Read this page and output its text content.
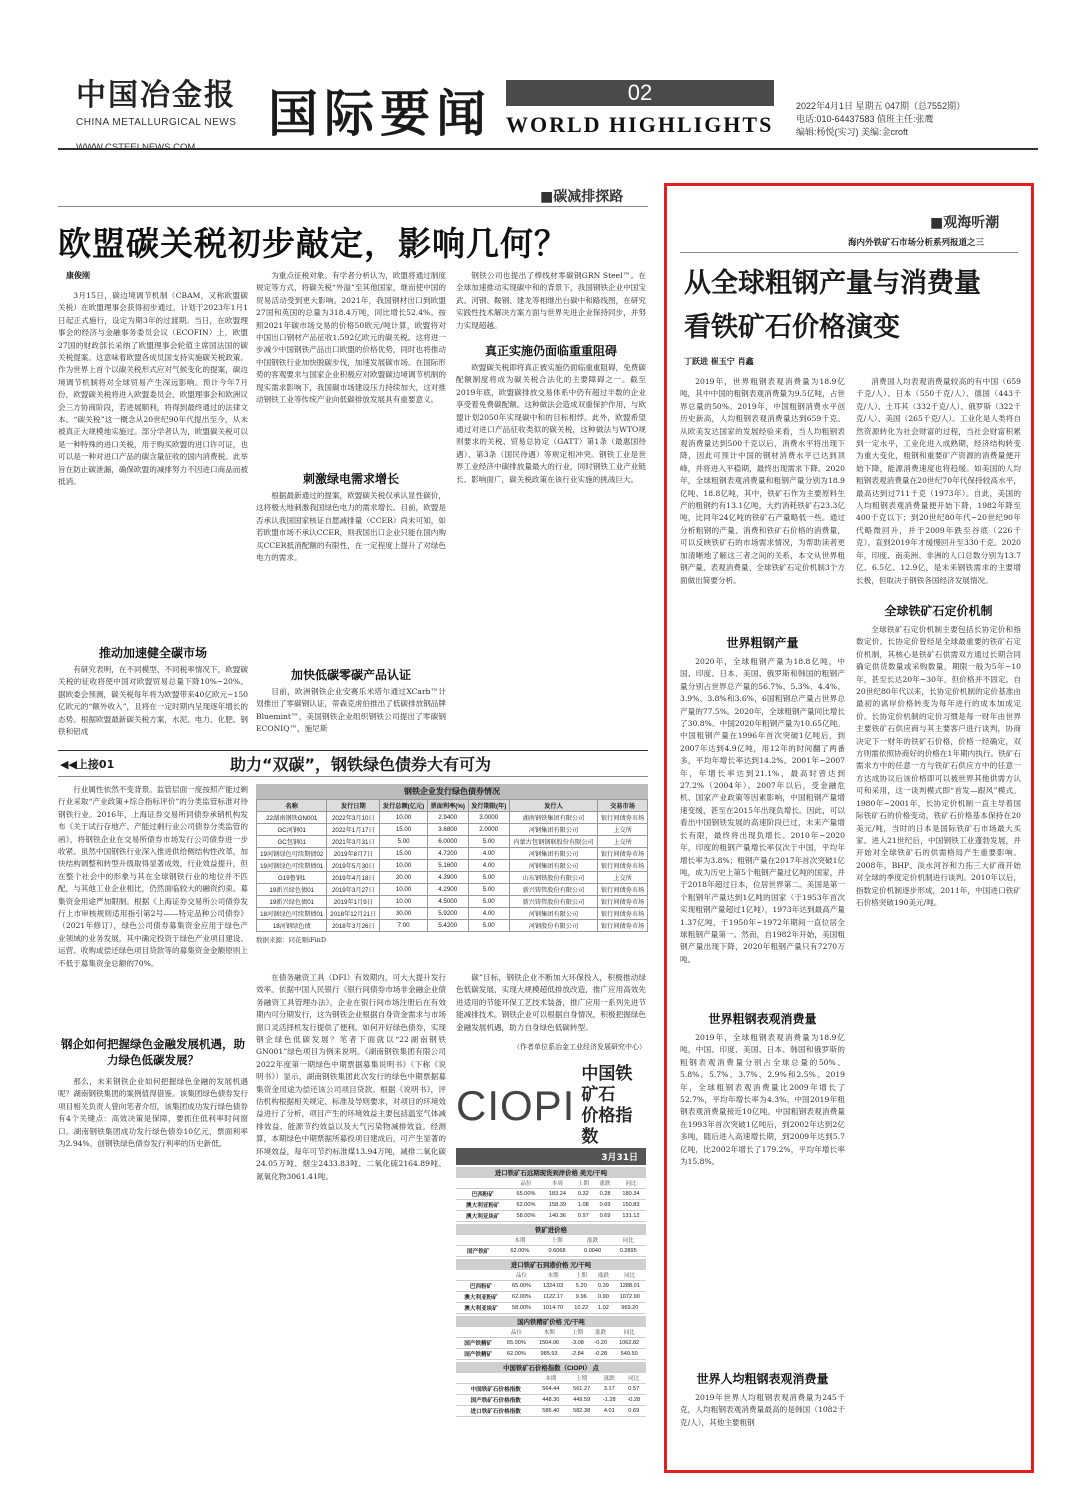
中国冶金报
CHINA METALLURGICAL NEWS 国际要闻	02
WORLD HIGHLIGHTS
2022年4月1日 星期五 047期（总7552期）
电话:010-64437583 值班主任:张鹰
编辑:杨悦(实习) 美编:金croft
■碳减排探路
欧盟碳关税初步敲定，影响几何？
康俊刚

3月15日，碳边境调节机制（CBAM，又称欧盟碳关税）在欧盟理事会获得初步通过，计划于2023年1月1日起正式施行，设定为期3年的过渡期。当日，在欧盟理事会的经济与金融事务委员会议（ECOFIN）上，欧盟27国的财政部长采纳了欧盟理事会轮值主席国法国的碳关税提案。这意味着欧盟各成员国支持实施碳关税政策。作为世界上首个以碳关税形式应对气候变化的提案，碳边境调节机制将对全球贸易产生深远影响。预计今年7月份，欧盟碳关税将进入欧盟委员会、欧盟理事会和欧洲议会三方协商阶段，若进展顺利，将得到最终通过的法律文本。“碳关税”这一概念从20世纪90年代提出至今，从未被真正大规模地实施过。部分学者认为，欧盟碳关税可以是一种特殊的进口关税，用于购买欧盟的进口许可证，也可以是一种对进口产品的碳含量征收的国内消费税。此举旨在防止碳泄漏，确保欧盟的减排努力不因进口商品而被抵消。

推动加速健全碳市场

有研究表明，在不同模型、不同税率情况下，欧盟碳关税的征收将使中国对欧盟贸易总量下降10%~20%。据欧委会预测，碳关税每年将为欧盟带来40亿欧元~150亿欧元的“额外收入”，且将在一定时期内呈现逐年增长的态势。根据欧盟最新碳关税方案，水泥、电力、化肥、钢铁和铝成

为重点征税对象。有学者分析认为，欧盟将通过制度规定等方式，将碳关税“外溢”至其他国家，继而使中国的贸易活动受到更大影响。2021年，我国钢材出口到欧盟27国和英国的总量为318.4万吨，同比增长52.4%。按照2021年碳市场交易的价格50欧元/吨计算，欧盟将对中国出口钢材产品征收1.592亿欧元的碳关税。这将进一步减少中国钢铁产品出口欧盟的价格优势，同时也将推动中国钢铁行业加快脱碳步伐，加速发展碳市场。在国际形势的客观要求与国家企业积极应对欧盟碳边境调节机制的现实需求影响下，我国碳市场建设压力持续加大，这对推动钢铁工业等传统产业向低碳排放发展具有重要意义。

刺激绿电需求增长

根据最新通过的提案，欧盟碳关税仅承认显性碳价，这将极大地刺激我国绿色电力的需求增长。目前，欧盟是否承认我国国家核证自愿减排量（CCER）尚未可知，如若欧盟市场不承认CCER，则我国出口企业只能在国内购买CCER抵消配额的有限性，在一定程度上提升了对绿色电力的需求。

加快低碳零碳产品认证

目前，欧洲钢铁企业安赛乐米塔尔通过XCarb™计划推出了零碳钢认证，蒂森克虏伯推出了低碳排放钢品牌Bluemint™，美国钢铁企业组织钢铁公司提出了零碳钢ECONIQ™，施尼斯

钢铁公司也提出了棒线材零碳钢GRN Steel™。在全球加速推动实现碳中和的背景下，我国钢铁企业中国宝武、河钢、鞍钢、建龙等相继出台碳中和路线图，在研究实践性技术解决方案方面与世界先进企业保持同步，并努力实现超越。

真正实施仍面临重重阻碍

欧盟碳关税即将真正被实施仍面临重重阻碍，免费碳配额制度将成为碳关税合法化的主要障碍之一。截至2019年底，欧盟碳排放交易体系中仍有超过半数的企业享受着免费碳配额。这种做法会造成双重保护作用，与欧盟计划2050年实现碳中和的目标相悖。此外，欧盟希望通过对进口产品征收类似的碳关税，这种做法与WTO规则要求的关税、贸易总协定（GATT）第1条（最惠国待遇）、第3条（国民待遇）等规定相冲突。钢铁工业是世界工业经济中碳排放量最大的行业，同时钢铁工业产业链长、影响面广，碳关税政策在该行业实施的挑战巨大。

◀◀上接01	助力“双碳”，钢铁绿色债券大有可为

行业属性依然不变背景。监管层面一度按照产能过剩行业采取“产业政策+综合指标评价”的分类监管标准对待钢铁行业。2016年，上海证券交易所同债券承销机构发布《关于试行存地产、产能过剩行业公司债券分类监管的函》，将钢铁企业在交易所债券市场发行公司债券进一步收紧。虽然中国钢铁行业深入推进供给侧结构性改革，加快结构调整和转型升级取得显著成效，行业效益提升，但在整个社会中的形象与其在全球钢铁行业的地位并不匹配，与其他工业企业相比，仍然面临较大的融资约束。募集资金用途严加限制。根据《上海证券交易所公司债券发行上市审核规则适用指引第2号——特定品种公司债券》（2021年修订），绿色公司债券募集资金应用于绿色产业领域的业务发展，其中确定投资于绿色产业项目建设、运营、收购或偿还绿色项目贷款等的募集资金金额原则上不低于募集资金总额的70%。

钢企如何把握绿色金融发展机遇，助力绿色低碳发展？

那么，未来钢铁企业如何把握绿色金融的发展机遇呢？湖南钢铁集团的案例值得借鉴。该集团绿色债券发行项目相关负责人曾向笔者介绍，该集团成功发行绿色债券有4个关键点：高效决策是保障，要抓住低利率时间窗口。湖南钢铁集团成功发行绿色债券10亿元，票面利率为2.94%，创钢铁绿色债券发行利率的历史新低。

钢铁企业发行绿色债券情况
名称	发行日期	发行总额(亿元)	票面利率(%)	发行期限(年)	发行人	交易市场
22湖南钢铁GN001	2022年3月10日	10.00	2.9400	3.0000	湖南钢铁集团有限公司	银行间债券市场
GC河钢01	2022年1月17日	15.00	3.6800	2.0000	河钢集团有限公司	上交所
GC包钢01	2021年3月31日	5.00	6.0000	5.00	内蒙古包钢钢联股份有限公司	上交所
19河钢绿色可续期债02	2019年8月7日	15.00	4.7200	4.00	河钢集团有限公司	银行间债券市场
19河钢绿色可续期债01	2019年5月30日	10.00	5.1600	4.00	河钢集团有限公司	银行间债券市场
G19鲁钢1	2019年4月18日	20.00	4.3900	5.00	山东钢铁股份有限公司	上交所
19新兴绿色债01	2019年3月27日	10.00	4.2900	5.00	新兴铸管股份有限公司	银行间债券市场
19新兴绿色债01	2019年1月9日	10.00	4.5000	5.00	新兴铸管股份有限公司	银行间债券市场
18河钢绿色可续期债01	2018年12月21日	30.00	5.9200	4.00	河钢集团有限公司	银行间债券市场
18河钢绿色债	2018年3月26日	7.00	5.4200	5.00	河钢股份有限公司	银行间债券市场
数据来源：同花顺iFinD

在债务融资工具（DFI）有效期内，可大大提升发行效率。依据中国人民银行《银行间债券市场非金融企业债务融资工具管理办法》，企业在银行间市场注册后在有效期内可分期发行，这为钢铁企业根据自身资金需求与市场窗口灵活择机发行提供了便利。如何开好绿色债券，实现钢企绿色低碳发展？笔者下面就以“22湖南钢铁GN001”绿色项目为例来说明。《湖南钢铁集团有限公司2022年度第一期绿色中期票据募集说明书》（下称《说明书》）显示，湖南钢铁集团此次发行的绿色中期票据募集资金用途为偿还该公司项目贷款。根据《说明书》，评估机构根据相关规定、标准及导则要求，对项目的环境效益进行了分析，项目产生的环境效益主要包括温室气体减排效益、能源节约效益以及大气污染物减排效益。经测算，本期绿色中期票据所募投项目建成后，可产生显著的环境效益，每年可节约标准煤13.94万吨，减排二氧化碳24.05万吨、烟尘2433.83吨、二氧化硫2164.89吨、氮氧化物3061.41吨。

碳”目标，钢铁企业不断加大环保投入，积极推动绿色低碳发展，实现大规模超低排放改造，推广应用高效先进适用的节能环保工艺技术装备，推广应用一系列先进节能减排技术。钢铁企业可以根据自身情况，积极把握绿色金融发展机遇，助力自身绿色低碳转型。

（作者单位系冶金工业经济发展研究中心）
CIOPI
中国铁矿石
价格指数
3月31日
进口铁矿石远期现货到岸价格 美元/干吨
	品位	本周	上期	涨跌	同比
巴西粉矿	65.00%	183.24	0.32	0.28	180.34
澳大利亚粉矿	62.00%	158.39	1.08	0.69	150.83
澳大利亚块矿	58.00%	140.36	0.97	0.69	131.12
铁矿进价格
	本期	上期	涨跌	同比
国产铁矿	62.00%	0.6068	0.0040	0.2895
进口铁矿石到港价格 元/干吨
	品位	本期	上期	涨跌	同比
巴西粉矿	65.00%	1324.03	5.20	0.39	1288.01
澳大利亚粉矿	62.00%	1122.17	9.96	0.90	1072.90
澳大利亚块矿	58.00%	1014.70	10.22	1.02	969.20
国内铁精矿价格 元/干吨
	品位	本期	上期	涨跌	同比
国产铁精矿	65.00%	1504.06	-3.08	-0.20	1062.82
国产铁精矿	62.00%	985.93	-2.84	-0.28	549.50
中国铁矿石价格指数（CIOPI） 点
	本期	上期	涨跌	同比
中国铁矿石价格指数	564.44	561.27	3.17	0.57
国产铁矿石价格指数	448.30	449.59	-1.28	-0.28
进口铁矿石价格指数	586.40	582.38	4.01	0.69
■观海听潮
海内外铁矿石市场分析系列报道之三
从全球粗钢产量与消费量
看铁矿石价格演变
丁跃进 崔玉宁 肖鑫

2019年，世界粗钢表观消费量为18.9亿吨，其中中国的粗钢表观消费量为9.5亿吨，占世界总量的50%。2019年，中国粗钢消费水平创历史新高，人均粗钢表观消费量达到659千克。从欧美发达国家的发展经验来看，当人均粗钢表观消费量达到500千克以后，消费水平将出现下降，因此可预计中国的钢材消费水平已达到顶峰，并将进入平稳期，最终出现需求下降。2020年，全球粗钢表观消费量和粗钢产量分别为18.9亿吨、18.8亿吨，其中，铁矿石作为主要原料生产的粗钢约有13.1亿吨，大约消耗铁矿石23.3亿吨，比同年24亿吨的铁矿石产量略低一些。通过分析粗钢的产量、消费和铁矿石价格的消费量，可以反映铁矿石的市场需求情况，为帮助读者更加清晰地了解这三者之间的关系，本文从世界粗钢产量、表观消费量、全球铁矿石定价机制3个方面做出简要分析。

世界粗钢产量

2020年，全球粗钢产量为18.8亿吨，中国、印度、日本、美国、俄罗斯和韩国的粗钢产量分别占世界总产量的56.7%、5.3%、4.4%、3.9%、3.8%和3.6%，6国粗钢总产量占世界总产量的77.5%。2020年，全球粗钢产量同比增长了30.8%。中国2020年粗钢产量为10.65亿吨。中国粗钢产量在1996年首次突破1亿吨后，到2007年达到4.9亿吨，用12年的时间翻了两番多，平均年增长率达到14.2%。2001年~2007年，年增长率达到21.1%，最高时曾达到27.2%（2004年）。2007年以后，受金融危机、国家产业政策等因素影响，中国粗钢产量增速变缓，甚至在2015年出现负增长。因此，可以看出中国钢铁发展的高速阶段已过，未来产量增长有限，最终将出现负增长。2010年~2020年，印度的粗钢产量增长率仅次于中国，平均年增长率为3.8%；粗钢产量在2017年首次突破1亿吨，成为历史上第5个粗钢产量过亿吨的国家，并于2018年超过日本，位居世界第二。美国是第一个粗钢年产量达到1亿吨的国家（于1953年首次实现粗钢产量超过1亿吨），1973年达到最高产量1.37亿吨，于1950年~1972年期间一直位居全球粗钢产量第一。然而，自1982年开始，美国粗钢产量出现下降，2020年粗钢产量只有7270万吨。

世界粗钢表观消费量

2019年，全球粗钢表观消费量为18.9亿吨，中国、印度、美国、日本、韩国和俄罗斯的粗钢表观消费量分别占全球总量的50%、5.8%、5.7%、3.7%、2.9%和2.5%。2019年，全球粗钢表观消费量比2009年增长了52.7%，平均年增长率为4.3%。中国2019年粗钢表观消费量接近10亿吨。中国粗钢表观消费量在1993年首次突破1亿吨后，到2002年达到2亿多吨，随后进入高速增长期，到2009年达到5.7亿吨，比2002年增长了179.2%，平均年增长率为15.8%。

世界人均粗钢表观消费量

2019年世界人均粗钢表观消费量为245千克，人均粗钢表观消费量最高的是韩国（1082千克/人），其他主要粗钢

消费国人均表观消费量较高的有中国（659千克/人）、日本（550千克/人）、德国（443千克/人）、土耳其（332千克/人）、俄罗斯（322千克/人）、美国（265千克/人）。工业化是人类将自然资源转化为社会财富的过程，当社会财富积累到一定水平，工业化进入成熟期，经济结构转变为重大变化，粗钢和重要矿产资源的消费量便开始下降，能源消费速度也将趋缓。如美国的人均粗钢表观消费量在20世纪70年代保持较高水平，最高达到过711千克（1973年）。自此，美国的人均粗钢表观消费量便开始下降，1982年降至400千克以下；到20世纪80年代~20世纪90年代略微回升，并于2009年跌至谷底（226千克），直到2019年才缓慢回升至330千克。2020年，印度、南美洲、非洲的人口总数分别为13.7亿、6.5亿、12.9亿，是未来钢铁需求的主要增长极，但取决于钢铁各国经济发展情况。

全球铁矿石定价机制

全球铁矿石定价机制主要包括长协定价和指数定价。长协定价曾经是全球最重要的铁矿石定价机制，其核心是铁矿石供需双方通过长期合同确定供货数量或采购数量，期限一般为5年~10年，甚至长达20年~30年，但价格并不固定。自20世纪80年代以来，长协定价机制的定价基准由最初的离岸价格转变为每年进行的成本加成定价。长协定价机制的定价习惯是每一财年由世界主要铁矿石供应商与其主要客户进行谈判，协商决定下一财年的铁矿石价格，价格一经确定，双方则需依照协商好的价格在1年期内执行。铁矿石需求方中的任意一方与铁矿石供应方中的任意一方达成协议后该价格即可以被世界其他供需方认可和采用，这一谈判模式即“首发—跟风”模式。1980年~2001年，长协定价机制一直主导着国际铁矿石的价格变动，铁矿石价格基本保持在20美元/吨，当时的日本是国际铁矿石市场最大买家。进入21世纪后，中国钢铁工业蓬勃发展，并开始对全球铁矿石的供需格局产生重要影响。2008年，BHP、淡水河谷和力拓三大矿商开始对全球的季度定价机制进行谈判。2010年以后，指数定价机制逐步形成，2011年，中国进口铁矿石价格突破190美元/吨。
